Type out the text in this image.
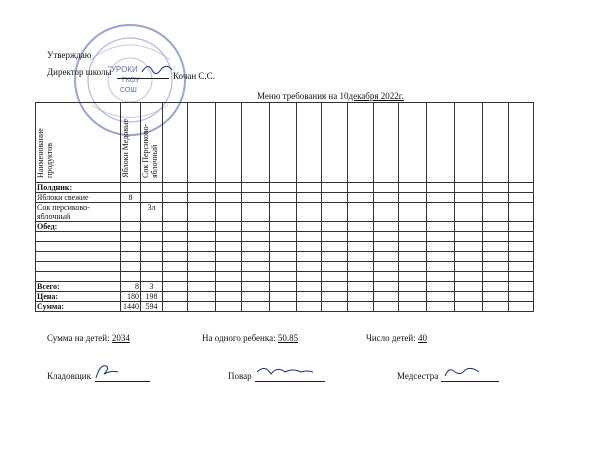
"УРОКИ
ГКОУ
СОШ
Утверждаю
Директор школы	Кочан С.С.
Меню требования на 10декабря 2022г.
Наименование продуктов	Яблоки Медовые	Сок Персиково-яблочный														
Полдник:																
Яблоки свежие	8															
Сок персиково-яблочный		3л														
Обед:																

Всего:	8	3														
Цена:	180	198														
Сумма:	1440	594														
Сумма на детей: 2034	На одного ребенка: 50.85	Число детей: 40
Кладовщик	Повар	Медсестра
